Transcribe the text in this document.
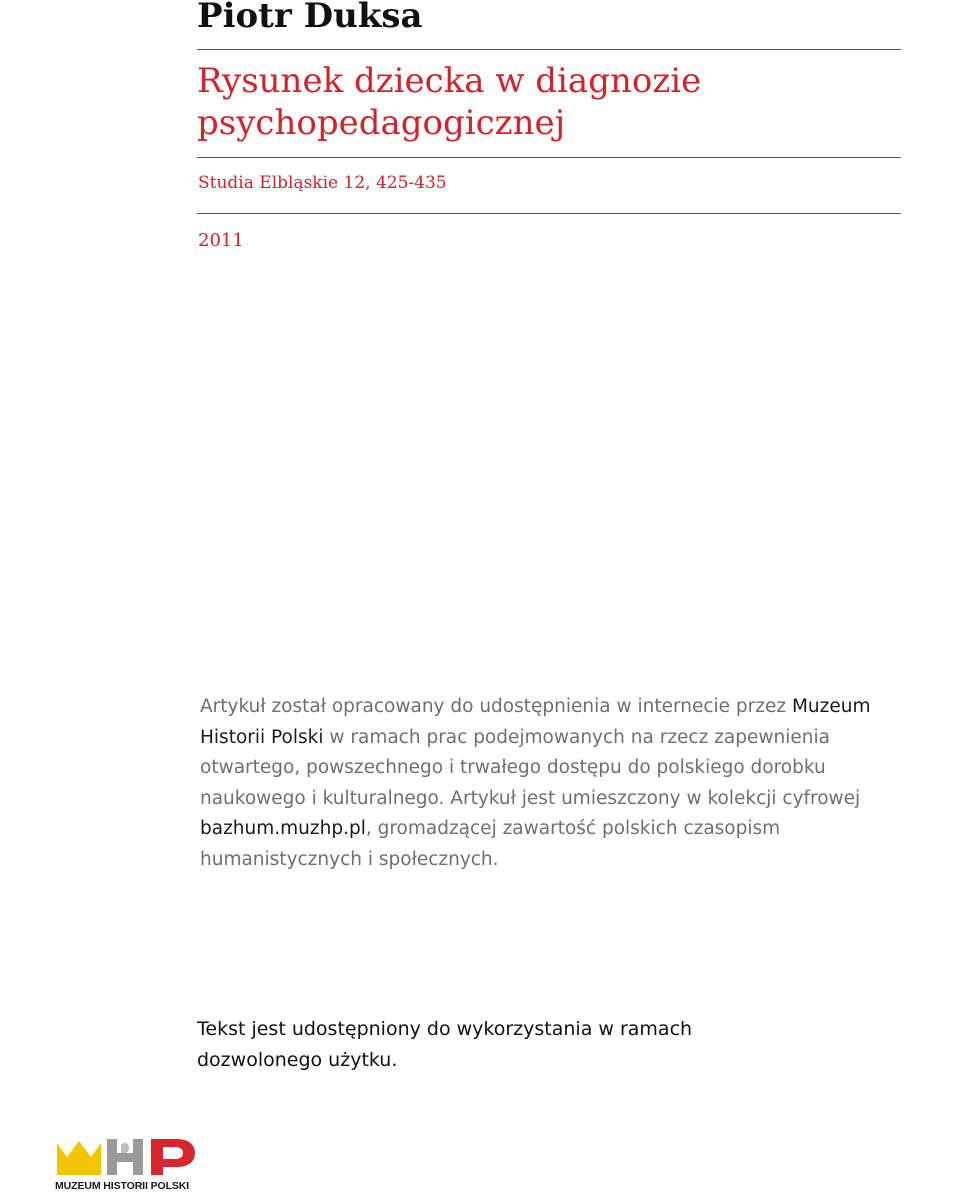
Piotr Duksa
Rysunek dziecka w diagnozie psychopedagogicznej
Studia Elbląskie 12, 425-435
2011

Artykuł został opracowany do udostępnienia w internecie przez Muzeum Historii Polski w ramach prac podejmowanych na rzecz zapewnienia otwartego, powszechnego i trwałego dostępu do polskiego dorobku naukowego i kulturalnego. Artykuł jest umieszczony w kolekcji cyfrowej bazhum.muzhp.pl, gromadzącej zawartość polskich czasopism humanistycznych i społecznych.

Tekst jest udostępniony do wykorzystania w ramach dozwolonego użytku.

MUZEUM HISTORII POLSKI
